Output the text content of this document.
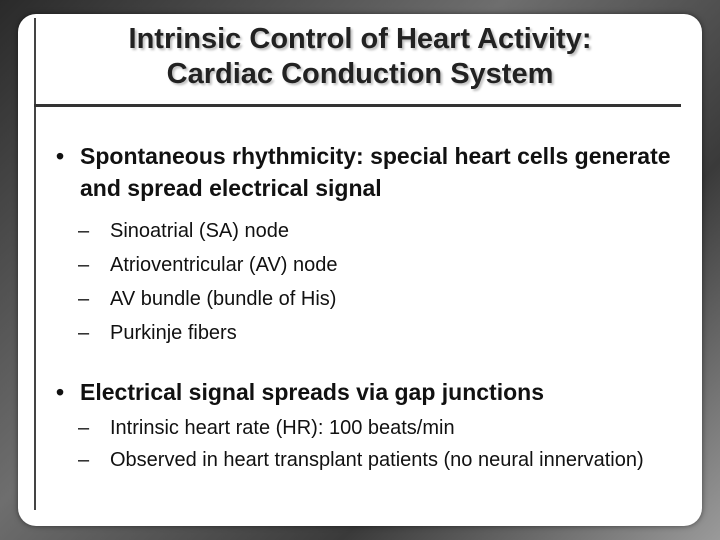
Intrinsic Control of Heart Activity:
Cardiac Conduction System

• Spontaneous rhythmicity: special heart cells generate and spread electrical signal

– Sinoatrial (SA) node
– Atrioventricular (AV) node
– AV bundle (bundle of His)
– Purkinje fibers

• Electrical signal spreads via gap junctions

– Intrinsic heart rate (HR): 100 beats/min
– Observed in heart transplant patients (no neural innervation)
